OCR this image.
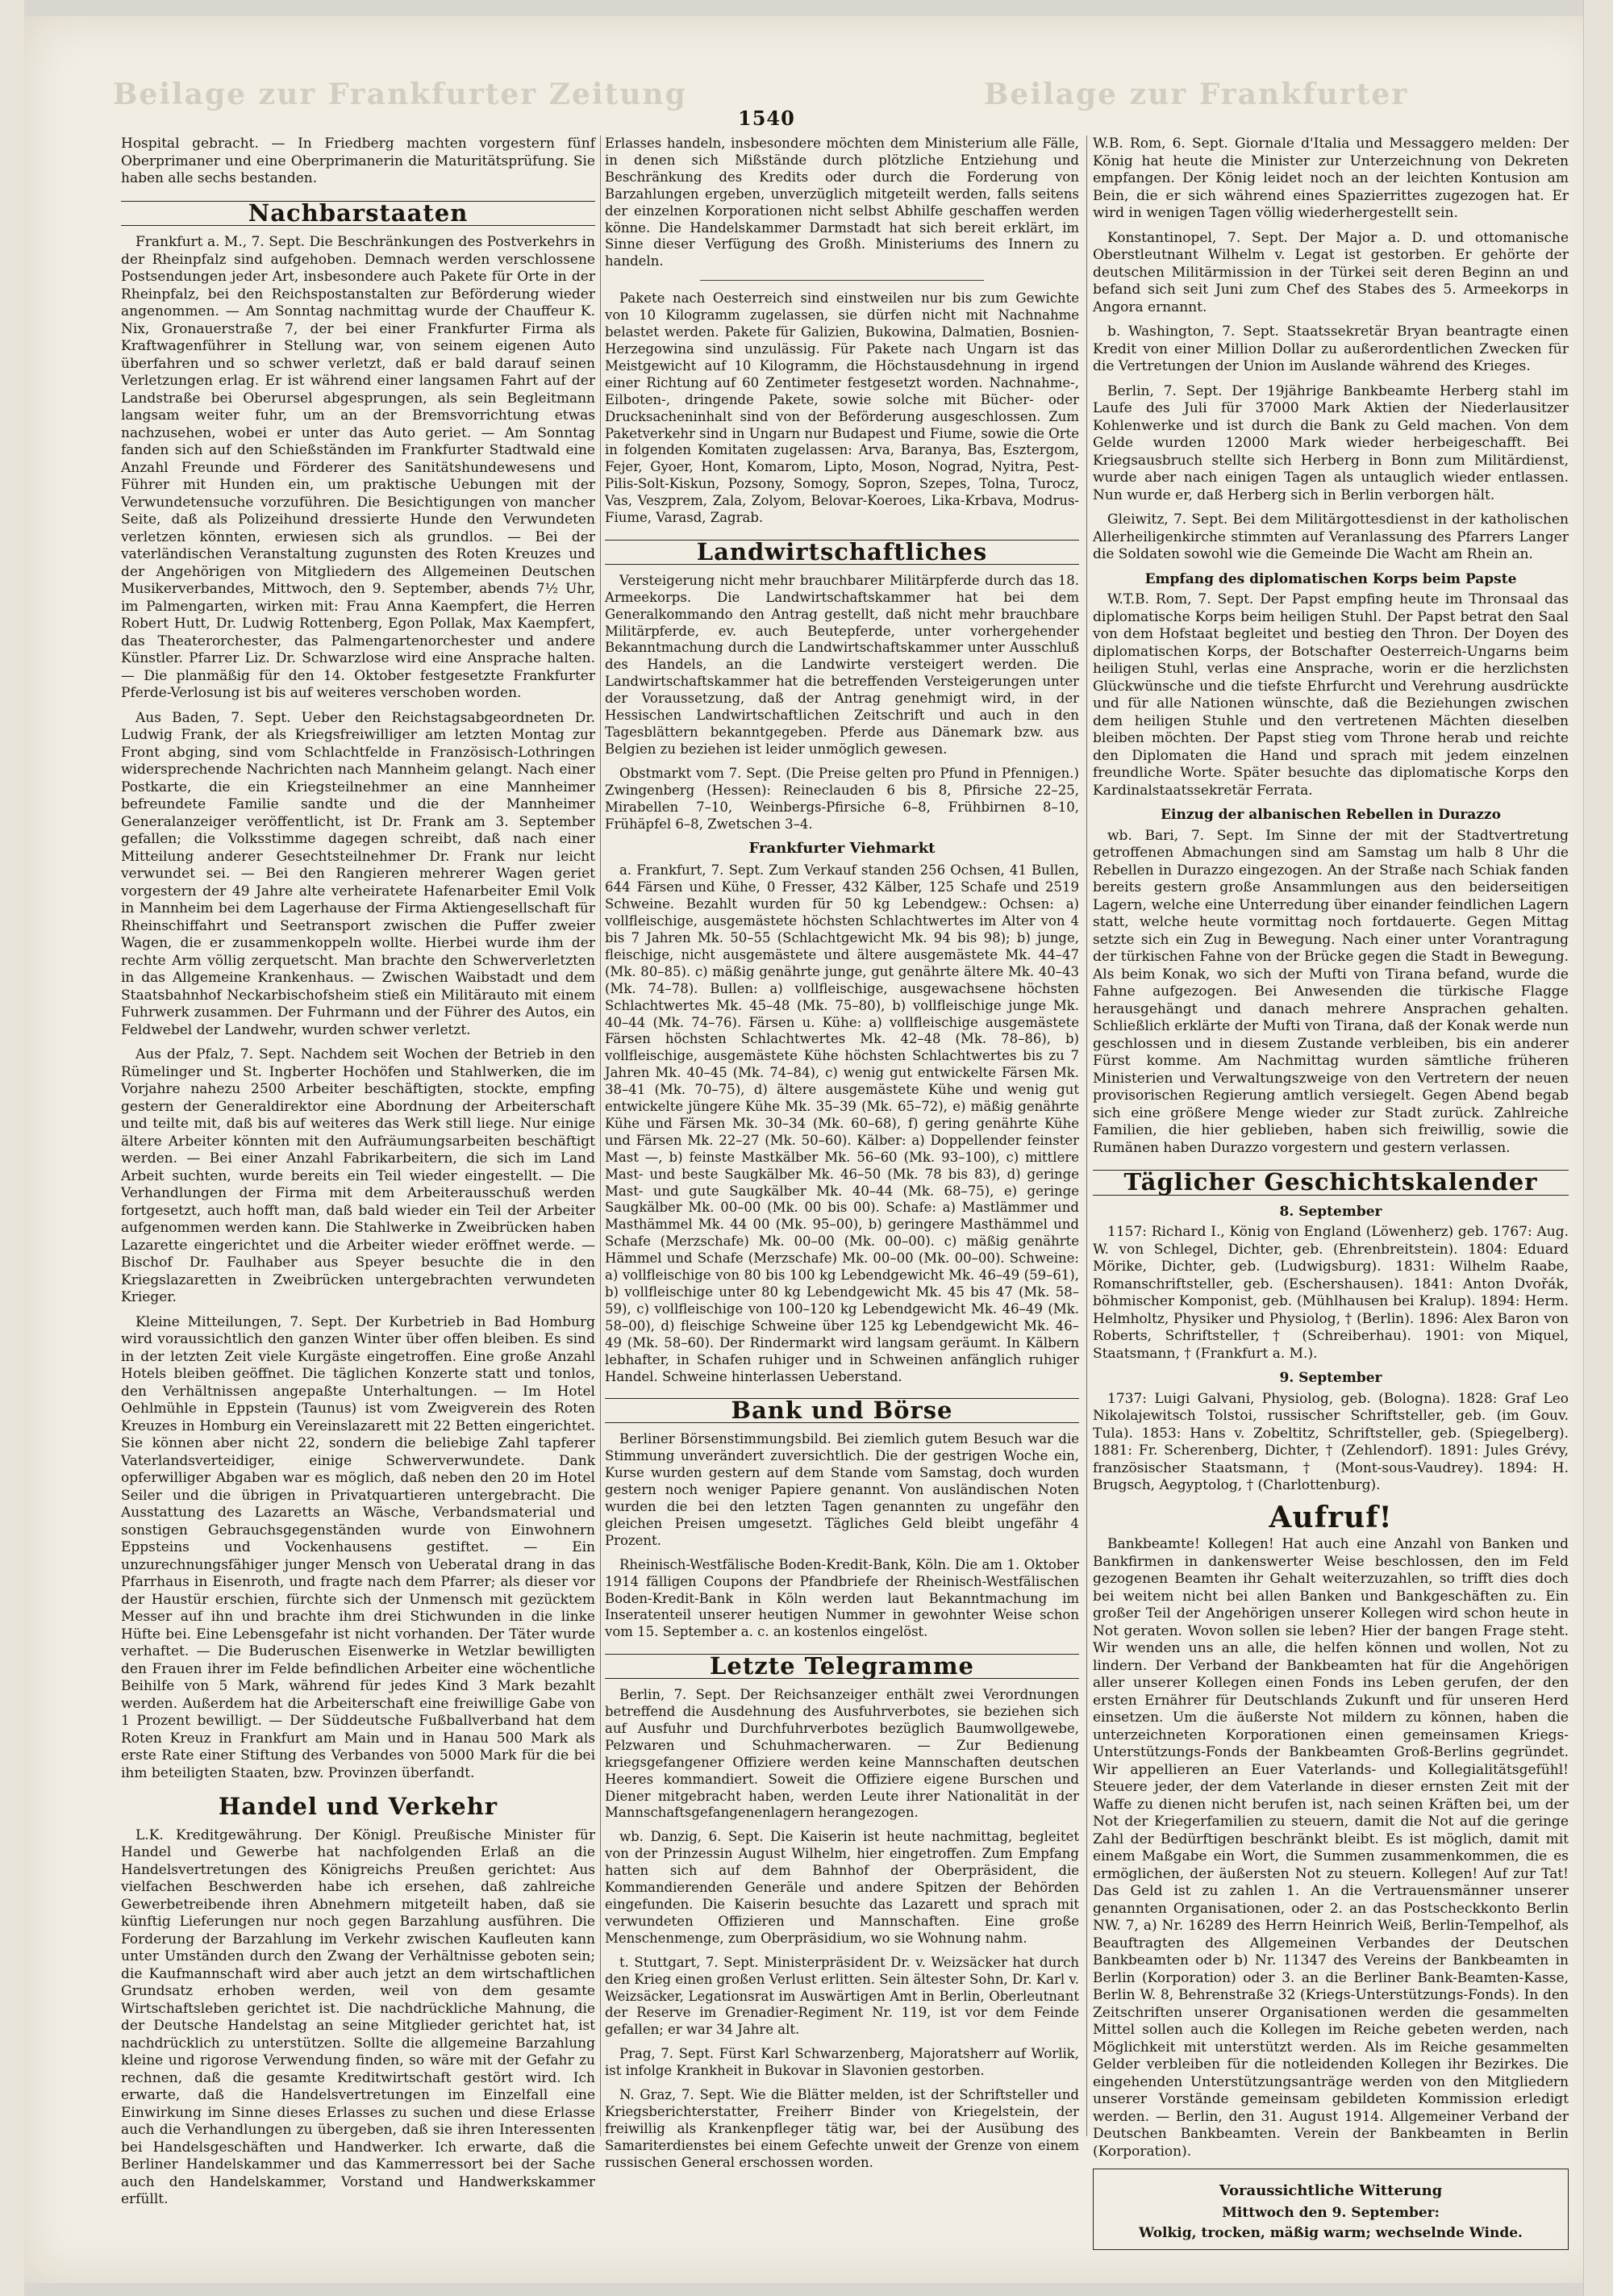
Beilage zur Frankfurter Zeitung	Beilage zur Frankfurter
1540

Hospital gebracht. — In Friedberg machten vorgestern fünf Oberprimaner und eine Oberprimanerin die Maturitätsprüfung. Sie haben alle sechs bestanden.

Nachbarstaaten

Frankfurt a. M., 7. Sept. Die Beschränkungen des Postverkehrs in der Rheinpfalz sind aufgehoben. Demnach werden verschlossene Postsendungen jeder Art, insbesondere auch Pakete für Orte in der Rheinpfalz, bei den Reichspostanstalten zur Beförderung wieder angenommen. — Am Sonntag nachmittag wurde der Chauffeur K. Nix, Gronauerstraße 7, der bei einer Frankfurter Firma als Kraftwagenführer in Stellung war, von seinem eigenen Auto überfahren und so schwer verletzt, daß er bald darauf seinen Verletzungen erlag. Er ist während einer langsamen Fahrt auf der Landstraße bei Oberursel abgesprungen, als sein Begleitmann langsam weiter fuhr, um an der Bremsvorrichtung etwas nachzusehen, wobei er unter das Auto geriet. — Am Sonntag fanden sich auf den Schießständen im Frankfurter Stadtwald eine Anzahl Freunde und Förderer des Sanitätshundewesens und Führer mit Hunden ein, um praktische Uebungen mit der Verwundetensuche vorzuführen. Die Besichtigungen von mancher Seite, daß als Polizeihund dressierte Hunde den Verwundeten verletzen könnten, erwiesen sich als grundlos. — Bei der vaterländischen Veranstaltung zugunsten des Roten Kreuzes und der Angehörigen von Mitgliedern des Allgemeinen Deutschen Musikerverbandes, Mittwoch, den 9. September, abends 7½ Uhr, im Palmengarten, wirken mit: Frau Anna Kaempfert, die Herren Robert Hutt, Dr. Ludwig Rottenberg, Egon Pollak, Max Kaempfert, das Theaterorchester, das Palmengartenorchester und andere Künstler. Pfarrer Liz. Dr. Schwarzlose wird eine Ansprache halten. — Die planmäßig für den 14. Oktober festgesetzte Frankfurter Pferde-Verlosung ist bis auf weiteres verschoben worden.

Aus Baden, 7. Sept. Ueber den Reichstagsabgeordneten Dr. Ludwig Frank, der als Kriegsfreiwilliger am letzten Montag zur Front abging, sind vom Schlachtfelde in Französisch-Lothringen widersprechende Nachrichten nach Mannheim gelangt. Nach einer Postkarte, die ein Kriegsteilnehmer an eine Mannheimer befreundete Familie sandte und die der Mannheimer Generalanzeiger veröffentlicht, ist Dr. Frank am 3. September gefallen; die Volksstimme dagegen schreibt, daß nach einer Mitteilung anderer Gesechtsteilnehmer Dr. Frank nur leicht verwundet sei. — Bei den Rangieren mehrerer Wagen geriet vorgestern der 49 Jahre alte verheiratete Hafenarbeiter Emil Volk in Mannheim bei dem Lagerhause der Firma Aktiengesellschaft für Rheinschiffahrt und Seetransport zwischen die Puffer zweier Wagen, die er zusammenkoppeln wollte. Hierbei wurde ihm der rechte Arm völlig zerquetscht. Man brachte den Schwerverletzten in das Allgemeine Krankenhaus. — Zwischen Waibstadt und dem Staatsbahnhof Neckarbischofsheim stieß ein Militärauto mit einem Fuhrwerk zusammen. Der Fuhrmann und der Führer des Autos, ein Feldwebel der Landwehr, wurden schwer verletzt.

Aus der Pfalz, 7. Sept. Nachdem seit Wochen der Betrieb in den Rümelinger und St. Ingberter Hochöfen und Stahlwerken, die im Vorjahre nahezu 2500 Arbeiter beschäftigten, stockte, empfing gestern der Generaldirektor eine Abordnung der Arbeiterschaft und teilte mit, daß bis auf weiteres das Werk still liege. Nur einige ältere Arbeiter könnten mit den Aufräumungsarbeiten beschäftigt werden. — Bei einer Anzahl Fabrikarbeitern, die sich im Land Arbeit suchten, wurde bereits ein Teil wieder eingestellt. — Die Verhandlungen der Firma mit dem Arbeiterausschuß werden fortgesetzt, auch hofft man, daß bald wieder ein Teil der Arbeiter aufgenommen werden kann. Die Stahlwerke in Zweibrücken haben Lazarette eingerichtet und die Arbeiter wieder eröffnet werde. — Bischof Dr. Faulhaber aus Speyer besuchte die in den Kriegslazaretten in Zweibrücken untergebrachten verwundeten Krieger.

Kleine Mitteilungen, 7. Sept. Der Kurbetrieb in Bad Homburg wird voraussichtlich den ganzen Winter über offen bleiben. Es sind in der letzten Zeit viele Kurgäste eingetroffen. Eine große Anzahl Hotels bleiben geöffnet. Die täglichen Konzerte statt und tonlos, den Verhältnissen angepaßte Unterhaltungen. — Im Hotel Oehlmühle in Eppstein (Taunus) ist vom Zweigverein des Roten Kreuzes in Homburg ein Vereinslazarett mit 22 Betten eingerichtet. Sie können aber nicht 22, sondern die beliebige Zahl tapferer Vaterlandsverteidiger, einige Schwerverwundete. Dank opferwilliger Abgaben war es möglich, daß neben den 20 im Hotel Seiler und die übrigen in Privatquartieren untergebracht. Die Ausstattung des Lazaretts an Wäsche, Verbandsmaterial und sonstigen Gebrauchsgegenständen wurde von Einwohnern Eppsteins und Vockenhausens gestiftet. — Ein unzurechnungsfähiger junger Mensch von Ueberatal drang in das Pfarrhaus in Eisenroth, und fragte nach dem Pfarrer; als dieser vor der Haustür erschien, fürchte sich der Unmensch mit gezücktem Messer auf ihn und brachte ihm drei Stichwunden in die linke Hüfte bei. Eine Lebensgefahr ist nicht vorhanden. Der Täter wurde verhaftet. — Die Buderuschen Eisenwerke in Wetzlar bewilligten den Frauen ihrer im Felde befindlichen Arbeiter eine wöchentliche Beihilfe von 5 Mark, während für jedes Kind 3 Mark bezahlt werden. Außerdem hat die Arbeiterschaft eine freiwillige Gabe von 1 Prozent bewilligt. — Der Süddeutsche Fußballverband hat dem Roten Kreuz in Frankfurt am Main und in Hanau 500 Mark als erste Rate einer Stiftung des Verbandes von 5000 Mark für die bei ihm beteiligten Staaten, bzw. Provinzen überfandt.

Handel und Verkehr

L.K. Kreditgewährung. Der Königl. Preußische Minister für Handel und Gewerbe hat nachfolgenden Erlaß an die Handelsvertretungen des Königreichs Preußen gerichtet: Aus vielfachen Beschwerden habe ich ersehen, daß zahlreiche Gewerbetreibende ihren Abnehmern mitgeteilt haben, daß sie künftig Lieferungen nur noch gegen Barzahlung ausführen. Die Forderung der Barzahlung im Verkehr zwischen Kaufleuten kann unter Umständen durch den Zwang der Verhältnisse geboten sein; die Kaufmannschaft wird aber auch jetzt an dem wirtschaftlichen Grundsatz erhoben werden, weil von dem gesamte Wirtschaftsleben gerichtet ist. Die nachdrückliche Mahnung, die der Deutsche Handelstag an seine Mitglieder gerichtet hat, ist nachdrücklich zu unterstützen. Sollte die allgemeine Barzahlung kleine und rigorose Verwendung finden, so wäre mit der Gefahr zu rechnen, daß die gesamte Kreditwirtschaft gestört wird. Ich erwarte, daß die Handelsvertretungen im Einzelfall eine Einwirkung im Sinne dieses Erlasses zu suchen und diese Erlasse auch die Verhandlungen zu übergeben, daß sie ihren Interessenten bei Handelsgeschäften und Handwerker. Ich erwarte, daß die Berliner Handelskammer und das Kammerressort bei der Sache auch den Handelskammer, Vorstand und Handwerkskammer erfüllt.

Erlasses handeln, insbesondere möchten dem Ministerium alle Fälle, in denen sich Mißstände durch plötzliche Entziehung und Beschränkung des Kredits oder durch die Forderung von Barzahlungen ergeben, unverzüglich mitgeteilt werden, falls seitens der einzelnen Korporationen nicht selbst Abhilfe geschaffen werden könne. Die Handelskammer Darmstadt hat sich bereit erklärt, im Sinne dieser Verfügung des Großh. Ministeriums des Innern zu handeln.

Pakete nach Oesterreich sind einstweilen nur bis zum Gewichte von 10 Kilogramm zugelassen, sie dürfen nicht mit Nachnahme belastet werden. Pakete für Galizien, Bukowina, Dalmatien, Bosnien-Herzegowina sind unzulässig. Für Pakete nach Ungarn ist das Meistgewicht auf 10 Kilogramm, die Höchstausdehnung in irgend einer Richtung auf 60 Zentimeter festgesetzt worden. Nachnahme-, Eilboten-, dringende Pakete, sowie solche mit Bücher- oder Drucksacheninhalt sind von der Beförderung ausgeschlossen. Zum Paketverkehr sind in Ungarn nur Budapest und Fiume, sowie die Orte in folgenden Komitaten zugelassen: Arva, Baranya, Bas, Esztergom, Fejer, Gyoer, Hont, Komarom, Lipto, Moson, Nograd, Nyitra, Pest-Pilis-Solt-Kiskun, Pozsony, Somogy, Sopron, Szepes, Tolna, Turocz, Vas, Veszprem, Zala, Zolyom, Belovar-Koeroes, Lika-Krbava, Modrus-Fiume, Varasd, Zagrab.

Landwirtschaftliches

Versteigerung nicht mehr brauchbarer Militärpferde durch das 18. Armeekorps. Die Landwirtschaftskammer hat bei dem Generalkommando den Antrag gestellt, daß nicht mehr brauchbare Militärpferde, ev. auch Beutepferde, unter vorhergehender Bekanntmachung durch die Landwirtschaftskammer unter Ausschluß des Handels, an die Landwirte versteigert werden. Die Landwirtschaftskammer hat die betreffenden Versteigerungen unter der Voraussetzung, daß der Antrag genehmigt wird, in der Hessischen Landwirtschaftlichen Zeitschrift und auch in den Tagesblättern bekanntgegeben. Pferde aus Dänemark bzw. aus Belgien zu beziehen ist leider unmöglich gewesen.

Obstmarkt vom 7. Sept. (Die Preise gelten pro Pfund in Pfennigen.) Zwingenberg (Hessen): Reineclauden 6 bis 8, Pfirsiche 22–25, Mirabellen 7–10, Weinbergs-Pfirsiche 6–8, Frühbirnen 8–10, Frühäpfel 6–8, Zwetschen 3–4.

Frankfurter Viehmarkt

a. Frankfurt, 7. Sept. Zum Verkauf standen 256 Ochsen, 41 Bullen, 644 Färsen und Kühe, 0 Fresser, 432 Kälber, 125 Schafe und 2519 Schweine. Bezahlt wurden für 50 kg Lebendgew.: Ochsen: a) vollfleischige, ausgemästete höchsten Schlachtwertes im Alter von 4 bis 7 Jahren Mk. 50–55 (Schlachtgewicht Mk. 94 bis 98); b) junge, fleischige, nicht ausgemästete und ältere ausgemästete Mk. 44–47 (Mk. 80–85). c) mäßig genährte junge, gut genährte ältere Mk. 40–43 (Mk. 74–78). Bullen: a) vollfleischige, ausgewachsene höchsten Schlachtwertes Mk. 45–48 (Mk. 75–80), b) vollfleischige junge Mk. 40–44 (Mk. 74–76). Färsen u. Kühe: a) vollfleischige ausgemästete Färsen höchsten Schlachtwertes Mk. 42–48 (Mk. 78–86), b) vollfleischige, ausgemästete Kühe höchsten Schlachtwertes bis zu 7 Jahren Mk. 40–45 (Mk. 74–84), c) wenig gut entwickelte Färsen Mk. 38–41 (Mk. 70–75), d) ältere ausgemästete Kühe und wenig gut entwickelte jüngere Kühe Mk. 35–39 (Mk. 65–72), e) mäßig genährte Kühe und Färsen Mk. 30–34 (Mk. 60–68), f) gering genährte Kühe und Färsen Mk. 22–27 (Mk. 50–60). Kälber: a) Doppellender feinster Mast —, b) feinste Mastkälber Mk. 56–60 (Mk. 93–100), c) mittlere Mast- und beste Saugkälber Mk. 46–50 (Mk. 78 bis 83), d) geringe Mast- und gute Saugkälber Mk. 40–44 (Mk. 68–75), e) geringe Saugkälber Mk. 00–00 (Mk. 00 bis 00). Schafe: a) Mastlämmer und Masthämmel Mk. 44 00 (Mk. 95–00), b) geringere Masthämmel und Schafe (Merzschafe) Mk. 00–00 (Mk. 00–00). c) mäßig genährte Hämmel und Schafe (Merzschafe) Mk. 00–00 (Mk. 00–00). Schweine: a) vollfleischige von 80 bis 100 kg Lebendgewicht Mk. 46–49 (59–61), b) vollfleischige unter 80 kg Lebendgewicht Mk. 45 bis 47 (Mk. 58–59), c) vollfleischige von 100–120 kg Lebendgewicht Mk. 46–49 (Mk. 58–00), d) fleischige Schweine über 125 kg Lebendgewicht Mk. 46–49 (Mk. 58–60). Der Rindermarkt wird langsam geräumt. In Kälbern lebhafter, in Schafen ruhiger und in Schweinen anfänglich ruhiger Handel. Schweine hinterlassen Ueberstand.

Bank und Börse

Berliner Börsenstimmungsbild. Bei ziemlich gutem Besuch war die Stimmung unverändert zuversichtlich. Die der gestrigen Woche ein, Kurse wurden gestern auf dem Stande vom Samstag, doch wurden gestern noch weniger Papiere genannt. Von ausländischen Noten wurden die bei den letzten Tagen genannten zu ungefähr den gleichen Preisen umgesetzt. Tägliches Geld bleibt ungefähr 4 Prozent.

Rheinisch-Westfälische Boden-Kredit-Bank, Köln. Die am 1. Oktober 1914 fälligen Coupons der Pfandbriefe der Rheinisch-Westfälischen Boden-Kredit-Bank in Köln werden laut Bekanntmachung im Inseratenteil unserer heutigen Nummer in gewohnter Weise schon vom 15. September a. c. an kostenlos eingelöst.

Letzte Telegramme

Berlin, 7. Sept. Der Reichsanzeiger enthält zwei Verordnungen betreffend die Ausdehnung des Ausfuhrverbotes, sie beziehen sich auf Ausfuhr und Durchfuhrverbotes bezüglich Baumwollgewebe, Pelzwaren und Schuhmacherwaren. — Zur Bedienung kriegsgefangener Offiziere werden keine Mannschaften deutschen Heeres kommandiert. Soweit die Offiziere eigene Burschen und Diener mitgebracht haben, werden Leute ihrer Nationalität in der Mannschaftsgefangenenlagern herangezogen.

wb. Danzig, 6. Sept. Die Kaiserin ist heute nachmittag, begleitet von der Prinzessin August Wilhelm, hier eingetroffen. Zum Empfang hatten sich auf dem Bahnhof der Oberpräsident, die Kommandierenden Generäle und andere Spitzen der Behörden eingefunden. Die Kaiserin besuchte das Lazarett und sprach mit verwundeten Offizieren und Mannschaften. Eine große Menschenmenge, zum Oberpräsidium, wo sie Wohnung nahm.

t. Stuttgart, 7. Sept. Ministerpräsident Dr. v. Weizsäcker hat durch den Krieg einen großen Verlust erlitten. Sein ältester Sohn, Dr. Karl v. Weizsäcker, Legationsrat im Auswärtigen Amt in Berlin, Oberleutnant der Reserve im Grenadier-Regiment Nr. 119, ist vor dem Feinde gefallen; er war 34 Jahre alt.

Prag, 7. Sept. Fürst Karl Schwarzenberg, Majoratsherr auf Worlik, ist infolge Krankheit in Bukovar in Slavonien gestorben.

N. Graz, 7. Sept. Wie die Blätter melden, ist der Schriftsteller und Kriegsberichterstatter, Freiherr Binder von Kriegelstein, der freiwillig als Krankenpfleger tätig war, bei der Ausübung des Samariterdienstes bei einem Gefechte unweit der Grenze von einem russischen General erschossen worden.

W.B. Rom, 6. Sept. Giornale d'Italia und Messaggero melden: Der König hat heute die Minister zur Unterzeichnung von Dekreten empfangen. Der König leidet noch an der leichten Kontusion am Bein, die er sich während eines Spazierrittes zugezogen hat. Er wird in wenigen Tagen völlig wiederhergestellt sein.

Konstantinopel, 7. Sept. Der Major a. D. und ottomanische Oberstleutnant Wilhelm v. Legat ist gestorben. Er gehörte der deutschen Militärmission in der Türkei seit deren Beginn an und befand sich seit Juni zum Chef des Stabes des 5. Armeekorps in Angora ernannt.

b. Washington, 7. Sept. Staatssekretär Bryan beantragte einen Kredit von einer Million Dollar zu außerordentlichen Zwecken für die Vertretungen der Union im Auslande während des Krieges.

Berlin, 7. Sept. Der 19jährige Bankbeamte Herberg stahl im Laufe des Juli für 37000 Mark Aktien der Niederlausitzer Kohlenwerke und ist durch die Bank zu Geld machen. Von dem Gelde wurden 12000 Mark wieder herbeigeschafft. Bei Kriegsausbruch stellte sich Herberg in Bonn zum Militärdienst, wurde aber nach einigen Tagen als untauglich wieder entlassen. Nun wurde er, daß Herberg sich in Berlin verborgen hält.

Gleiwitz, 7. Sept. Bei dem Militärgottesdienst in der katholischen Allerheiligenkirche stimmten auf Veranlassung des Pfarrers Langer die Soldaten sowohl wie die Gemeinde Die Wacht am Rhein an.

Empfang des diplomatischen Korps beim Papste

W.T.B. Rom, 7. Sept. Der Papst empfing heute im Thronsaal das diplomatische Korps beim heiligen Stuhl. Der Papst betrat den Saal von dem Hofstaat begleitet und bestieg den Thron. Der Doyen des diplomatischen Korps, der Botschafter Oesterreich-Ungarns beim heiligen Stuhl, verlas eine Ansprache, worin er die herzlichsten Glückwünsche und die tiefste Ehrfurcht und Verehrung ausdrückte und für alle Nationen wünschte, daß die Beziehungen zwischen dem heiligen Stuhle und den vertretenen Mächten dieselben bleiben möchten. Der Papst stieg vom Throne herab und reichte den Diplomaten die Hand und sprach mit jedem einzelnen freundliche Worte. Später besuchte das diplomatische Korps den Kardinalstaatssekretär Ferrata.

Einzug der albanischen Rebellen in Durazzo

wb. Bari, 7. Sept. Im Sinne der mit der Stadtvertretung getroffenen Abmachungen sind am Samstag um halb 8 Uhr die Rebellen in Durazzo eingezogen. An der Straße nach Schiak fanden bereits gestern große Ansammlungen aus den beiderseitigen Lagern, welche eine Unterredung über einander feindlichen Lagern statt, welche heute vormittag noch fortdauerte. Gegen Mittag setzte sich ein Zug in Bewegung. Nach einer unter Vorantragung der türkischen Fahne von der Brücke gegen die Stadt in Bewegung. Als beim Konak, wo sich der Mufti von Tirana befand, wurde die Fahne aufgezogen. Bei Anwesenden die türkische Flagge herausgehängt und danach mehrere Ansprachen gehalten. Schließlich erklärte der Mufti von Tirana, daß der Konak werde nun geschlossen und in diesem Zustande verbleiben, bis ein anderer Fürst komme. Am Nachmittag wurden sämtliche früheren Ministerien und Verwaltungszweige von den Vertretern der neuen provisorischen Regierung amtlich versiegelt. Gegen Abend begab sich eine größere Menge wieder zur Stadt zurück. Zahlreiche Familien, die hier geblieben, haben sich freiwillig, sowie die Rumänen haben Durazzo vorgestern und gestern verlassen.

Täglicher Geschichtskalender
8. September

1157: Richard I., König von England (Löwenherz) geb. 1767: Aug. W. von Schlegel, Dichter, geb. (Ehrenbreitstein). 1804: Eduard Mörike, Dichter, geb. (Ludwigsburg). 1831: Wilhelm Raabe, Romanschriftsteller, geb. (Eschershausen). 1841: Anton Dvořák, böhmischer Komponist, geb. (Mühlhausen bei Kralup). 1894: Herm. Helmholtz, Physiker und Physiolog, † (Berlin). 1896: Alex Baron von Roberts, Schriftsteller, † (Schreiberhau). 1901: von Miquel, Staatsmann, † (Frankfurt a. M.).

9. September

1737: Luigi Galvani, Physiolog, geb. (Bologna). 1828: Graf Leo Nikolajewitsch Tolstoi, russischer Schriftsteller, geb. (im Gouv. Tula). 1853: Hans v. Zobeltitz, Schriftsteller, geb. (Spiegelberg). 1881: Fr. Scherenberg, Dichter, † (Zehlendorf). 1891: Jules Grévy, französischer Staatsmann, † (Mont-sous-Vaudrey). 1894: H. Brugsch, Aegyptolog, † (Charlottenburg).

Aufruf!

Bankbeamte! Kollegen! Hat auch eine Anzahl von Banken und Bankfirmen in dankenswerter Weise beschlossen, den im Feld gezogenen Beamten ihr Gehalt weiterzuzahlen, so trifft dies doch bei weitem nicht bei allen Banken und Bankgeschäften zu. Ein großer Teil der Angehörigen unserer Kollegen wird schon heute in Not geraten. Wovon sollen sie leben? Hier der bangen Frage steht. Wir wenden uns an alle, die helfen können und wollen, Not zu lindern. Der Verband der Bankbeamten hat für die Angehörigen aller unserer Kollegen einen Fonds ins Leben gerufen, der den ersten Ernährer für Deutschlands Zukunft und für unseren Herd einsetzen. Um die äußerste Not mildern zu können, haben die unterzeichneten Korporationen einen gemeinsamen Kriegs-Unterstützungs-Fonds der Bankbeamten Groß-Berlins gegründet. Wir appellieren an Euer Vaterlands- und Kollegialitätsgefühl! Steuere jeder, der dem Vaterlande in dieser ernsten Zeit mit der Waffe zu dienen nicht berufen ist, nach seinen Kräften bei, um der Not der Kriegerfamilien zu steuern, damit die Not auf die geringe Zahl der Bedürftigen beschränkt bleibt. Es ist möglich, damit mit einem Maßgabe ein Wort, die Summen zusammenkommen, die es ermöglichen, der äußersten Not zu steuern. Kollegen! Auf zur Tat! Das Geld ist zu zahlen 1. An die Vertrauensmänner unserer genannten Organisationen, oder 2. an das Postscheckkonto Berlin NW. 7, a) Nr. 16289 des Herrn Heinrich Weiß, Berlin-Tempelhof, als Beauftragten des Allgemeinen Verbandes der Deutschen Bankbeamten oder b) Nr. 11347 des Vereins der Bankbeamten in Berlin (Korporation) oder 3. an die Berliner Bank-Beamten-Kasse, Berlin W. 8, Behrenstraße 32 (Kriegs-Unterstützungs-Fonds). In den Zeitschriften unserer Organisationen werden die gesammelten Mittel sollen auch die Kollegen im Reiche gebeten werden, nach Möglichkeit mit unterstützt werden. Als im Reiche gesammelten Gelder verbleiben für die notleidenden Kollegen ihr Bezirkes. Die eingehenden Unterstützungsanträge werden von den Mitgliedern unserer Vorstände gemeinsam gebildeten Kommission erledigt werden. — Berlin, den 31. August 1914. Allgemeiner Verband der Deutschen Bankbeamten. Verein der Bankbeamten in Berlin (Korporation).

Voraussichtliche Witterung
Mittwoch den 9. September:
Wolkig, trocken, mäßig warm; wechselnde Winde.
